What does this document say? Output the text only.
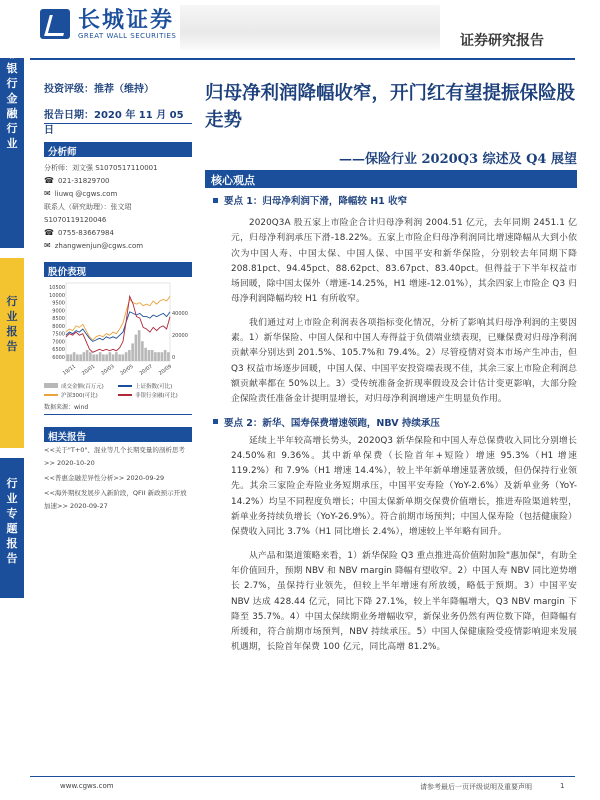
银行金融行业
行业报告
行业专题报告
长城证券
GREAT WALL SECURITIES	证券研究报告
投资评级：推荐（维持）
报告日期：2020 年 11 月 05 日
分析师
分析师：刘文强 S1070517110001
☎ 021-31829700
✉ liuwq @cgws.com
联系人（研究助理）：张文珺
S1070119120046
☎ 0755-83667984
✉ zhangwenjun@cgws.com
股价表现
10500
10000
9500
9000
8500
8000
7500
7000
6500
6000
40000
20000
0
19/11 20/01 20/03 20/05 20/07 20/09
成交金额(百万元)	上证指数(可比)
沪深300(可比)	非银行金融(可比)
数据来源：wind
相关报告
<<关于"T+0"、混业等几个长期变量的剖析思考>> 2020-10-20
<<普惠金融差异性分析>> 2020-09-29
<<海外期权发展步入新阶段，QFII 新政预示开放加速>> 2020-09-27
归母净利润降幅收窄，开门红有望提振保险股走势
——保险行业 2020Q3 综述及 Q4 展望
核心观点
要点 1：归母净利润下滑，降幅较 H1 收窄
2020Q3A 股五家上市险企合计归母净利润 2004.51 亿元，去年同期 2451.1 亿元，归母净利润承压下滑-18.22%。五家上市险企归母净利润同比增速降幅从大到小依次为中国人寿、中国太保、中国人保、中国平安和新华保险，分别较去年同期下降 208.81pct、94.45pct、88.62pct、83.67pct、83.40pct。但得益于下半年权益市场回暖，除中国太保外（增速-14.25%，H1 增速-12.01%），其余四家上市险企 Q3 归母净利润降幅均较 H1 有所收窄。
我们通过对上市险企利润表各项指标变化情况，分析了影响其归母净利润的主要因素。1）新华保险、中国人保和中国人寿得益于负债端业绩表现，已赚保费对归母净利润贡献率分别达到 201.5%、105.7%和 79.4%。2）尽管疫情对资本市场产生冲击，但 Q3 权益市场逐步回暖，中国人保、中国平安投资端表现不佳，其余三家上市险企利润总额贡献率都在 50%以上。3）受传统准备金折现率假设及会计估计变更影响，大部分险企保险责任准备金计提明显增长，对归母净利润增速产生明显负作用。
要点 2：新华、国寿保费增速领跑，NBV 持续承压
延续上半年较高增长势头，2020Q3 新华保险和中国人寿总保费收入同比分别增长 24.50%和 9.36%。其中新单保费（长险首年+短险）增速 95.3%（H1 增速 119.2%）和 7.9%（H1 增速 14.4%），较上半年新单增速显著放缓，但仍保持行业领先。其余三家险企寿险业务短期承压，中国平安寿险（YoY-2.6%）及新单业务（YoY-14.2%）均呈不同程度负增长；中国太保新单期交保费价值增长，推进寿险渠道转型，新单业务持续负增长（YoY-26.9%）。符合前期市场预判；中国人保寿险（包括健康险）保费收入同比 3.7%（H1 同比增长 2.4%），增速较上半年略有回升。
从产品和渠道策略来看，1）新华保险 Q3 重点推进高价值附加险"惠加保"，有助全年价值回升，预期 NBV 和 NBV margin 降幅有望收窄。2）中国人寿 NBV 同比逆势增长 2.7%，虽保持行业领先，但较上半年增速有所放缓，略低于预期。3）中国平安 NBV 达成 428.44 亿元，同比下降 27.1%，较上半年降幅增大，Q3 NBV margin 下降至 35.7%。4）中国太保续期业务增幅收窄，新保业务仍然有两位数下降，但降幅有所缓和，符合前期市场预判，NBV 持续承压。5）中国人保健康险受疫情影响迎来发展机遇期，长险首年保费 100 亿元，同比高增 81.2%。
www.cgws.com	请参考最后一页评级说明及重要声明	1
